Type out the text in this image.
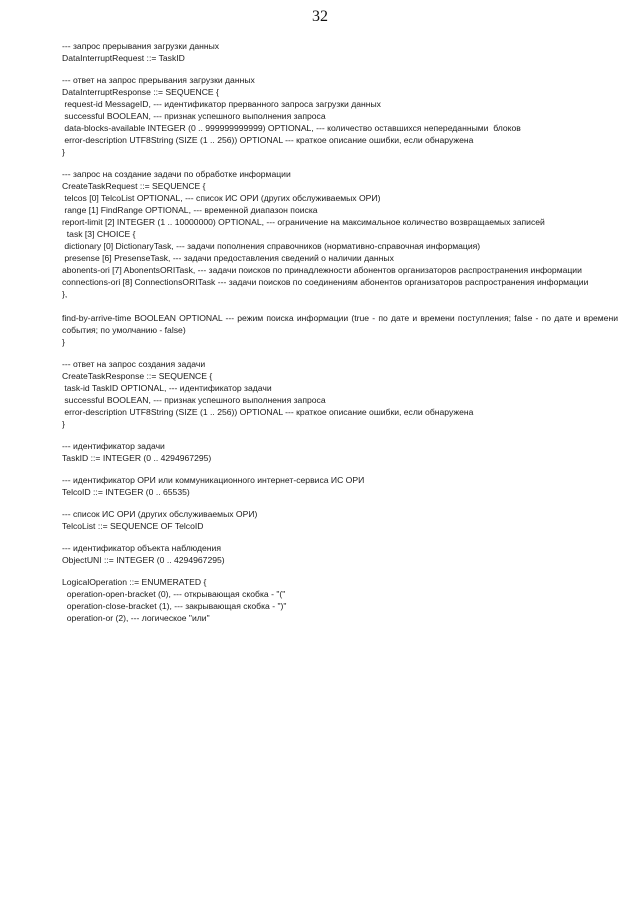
32
--- запрос прерывания загрузки данных
DataInterruptRequest ::= TaskID
--- ответ на запрос прерывания загрузки данных
DataInterruptResponse ::= SEQUENCE {
request-id MessageID, --- идентификатор прерванного запроса загрузки данных
successful BOOLEAN, --- признак успешного выполнения запроса
data-blocks-available INTEGER (0 .. 999999999999) OPTIONAL, --- количество оставшихся непереданными  блоков
error-description UTF8String (SIZE (1 .. 256)) OPTIONAL --- краткое описание ошибки, если обнаружена
}
--- запрос на создание задачи по обработке информации
CreateTaskRequest ::= SEQUENCE {
telcos [0] TelcoList OPTIONAL, --- список ИС ОРИ (других обслуживаемых ОРИ)
range [1] FindRange OPTIONAL, --- временной диапазон поиска
report-limit [2] INTEGER (1 .. 10000000) OPTIONAL, --- ограничение на максимальное количество возвращаемых записей
task [3] CHOICE {
dictionary [0] DictionaryTask, --- задачи пополнения справочников (нормативно-справочная информация)
presense [6] PresenseTask, --- задачи предоставления сведений о наличии данных
abonents-ori [7] AbonentsORITask, --- задачи поисков по принадлежности абонентов организаторов распространения информации
connections-ori [8] ConnectionsORITask --- задачи поисков по соединениям абонентов организаторов распространения информации
},
find-by-arrive-time BOOLEAN OPTIONAL --- режим поиска информации (true - по дате и времени поступления; false - по дате и времени события; по умолчанию - false)
}
--- ответ на запрос создания задачи
CreateTaskResponse ::= SEQUENCE {
task-id TaskID OPTIONAL, --- идентификатор задачи
successful BOOLEAN, --- признак успешного выполнения запроса
error-description UTF8String (SIZE (1 .. 256)) OPTIONAL --- краткое описание ошибки, если обнаружена
}
--- идентификатор задачи
TaskID ::= INTEGER (0 .. 4294967295)
--- идентификатор ОРИ или коммуникационного интернет-сервиса ИС ОРИ
TelcoID ::= INTEGER (0 .. 65535)
--- список ИС ОРИ (других обслуживаемых ОРИ)
TelcoList ::= SEQUENCE OF TelcoID
--- идентификатор объекта наблюдения
ObjectUNI ::= INTEGER (0 .. 4294967295)
LogicalOperation ::= ENUMERATED {
operation-open-bracket (0), --- открывающая скобка - "("
operation-close-bracket (1), --- закрывающая скобка - ")"
operation-or (2), --- логическое "или"
